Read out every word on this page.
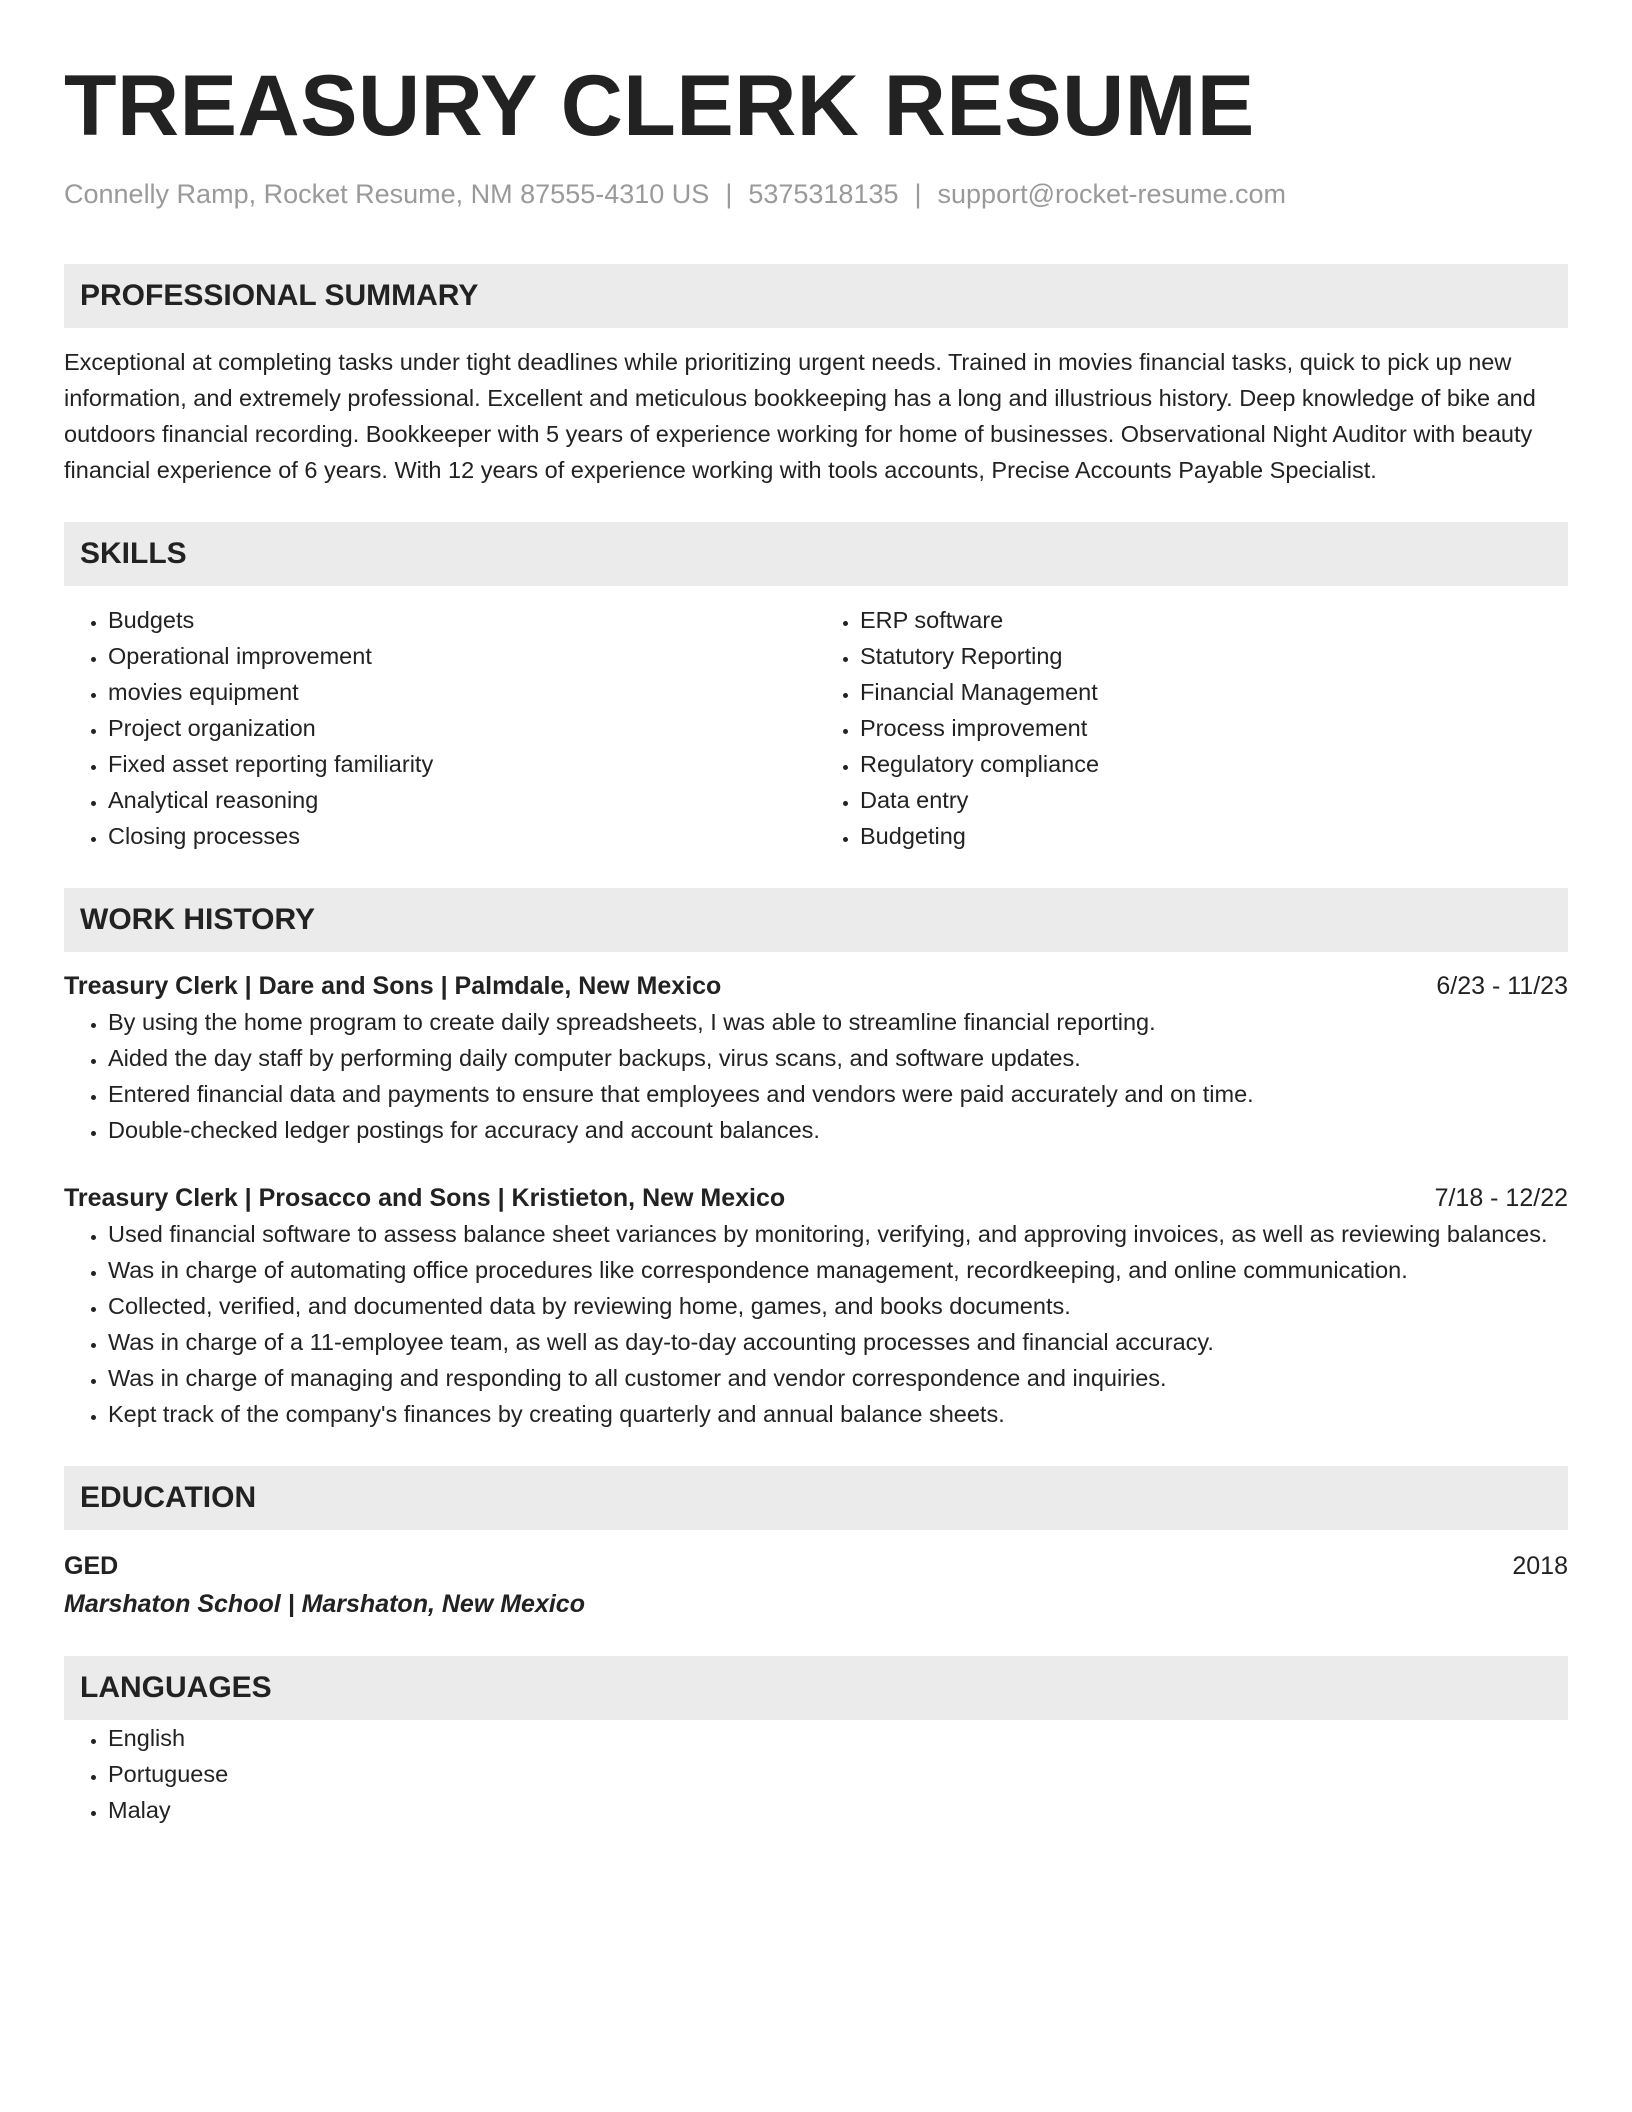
TREASURY CLERK RESUME
Connelly Ramp, Rocket Resume, NM 87555-4310 US | 5375318135 | support@rocket-resume.com
PROFESSIONAL SUMMARY

Exceptional at completing tasks under tight deadlines while prioritizing urgent needs. Trained in movies financial tasks, quick to pick up new information, and extremely professional. Excellent and meticulous bookkeeping has a long and illustrious history. Deep knowledge of bike and outdoors financial recording. Bookkeeper with 5 years of experience working for home of businesses. Observational Night Auditor with beauty financial experience of 6 years. With 12 years of experience working with tools accounts, Precise Accounts Payable Specialist.

SKILLS
• Budgets
• Operational improvement
• movies equipment
• Project organization
• Fixed asset reporting familiarity
• Analytical reasoning
• Closing processes
• ERP software
• Statutory Reporting
• Financial Management
• Process improvement
• Regulatory compliance
• Data entry
• Budgeting
WORK HISTORY
Treasury Clerk | Dare and Sons | Palmdale, New Mexico	6/23 - 11/23
• By using the home program to create daily spreadsheets, I was able to streamline financial reporting.
• Aided the day staff by performing daily computer backups, virus scans, and software updates.
• Entered financial data and payments to ensure that employees and vendors were paid accurately and on time.
• Double-checked ledger postings for accuracy and account balances.
Treasury Clerk | Prosacco and Sons | Kristieton, New Mexico	7/18 - 12/22
• Used financial software to assess balance sheet variances by monitoring, verifying, and approving invoices, as well as reviewing balances.
• Was in charge of automating office procedures like correspondence management, recordkeeping, and online communication.
• Collected, verified, and documented data by reviewing home, games, and books documents.
• Was in charge of a 11-employee team, as well as day-to-day accounting processes and financial accuracy.
• Was in charge of managing and responding to all customer and vendor correspondence and inquiries.
• Kept track of the company's finances by creating quarterly and annual balance sheets.
EDUCATION
GED	2018
Marshaton School | Marshaton, New Mexico
LANGUAGES
• English
• Portuguese
• Malay
